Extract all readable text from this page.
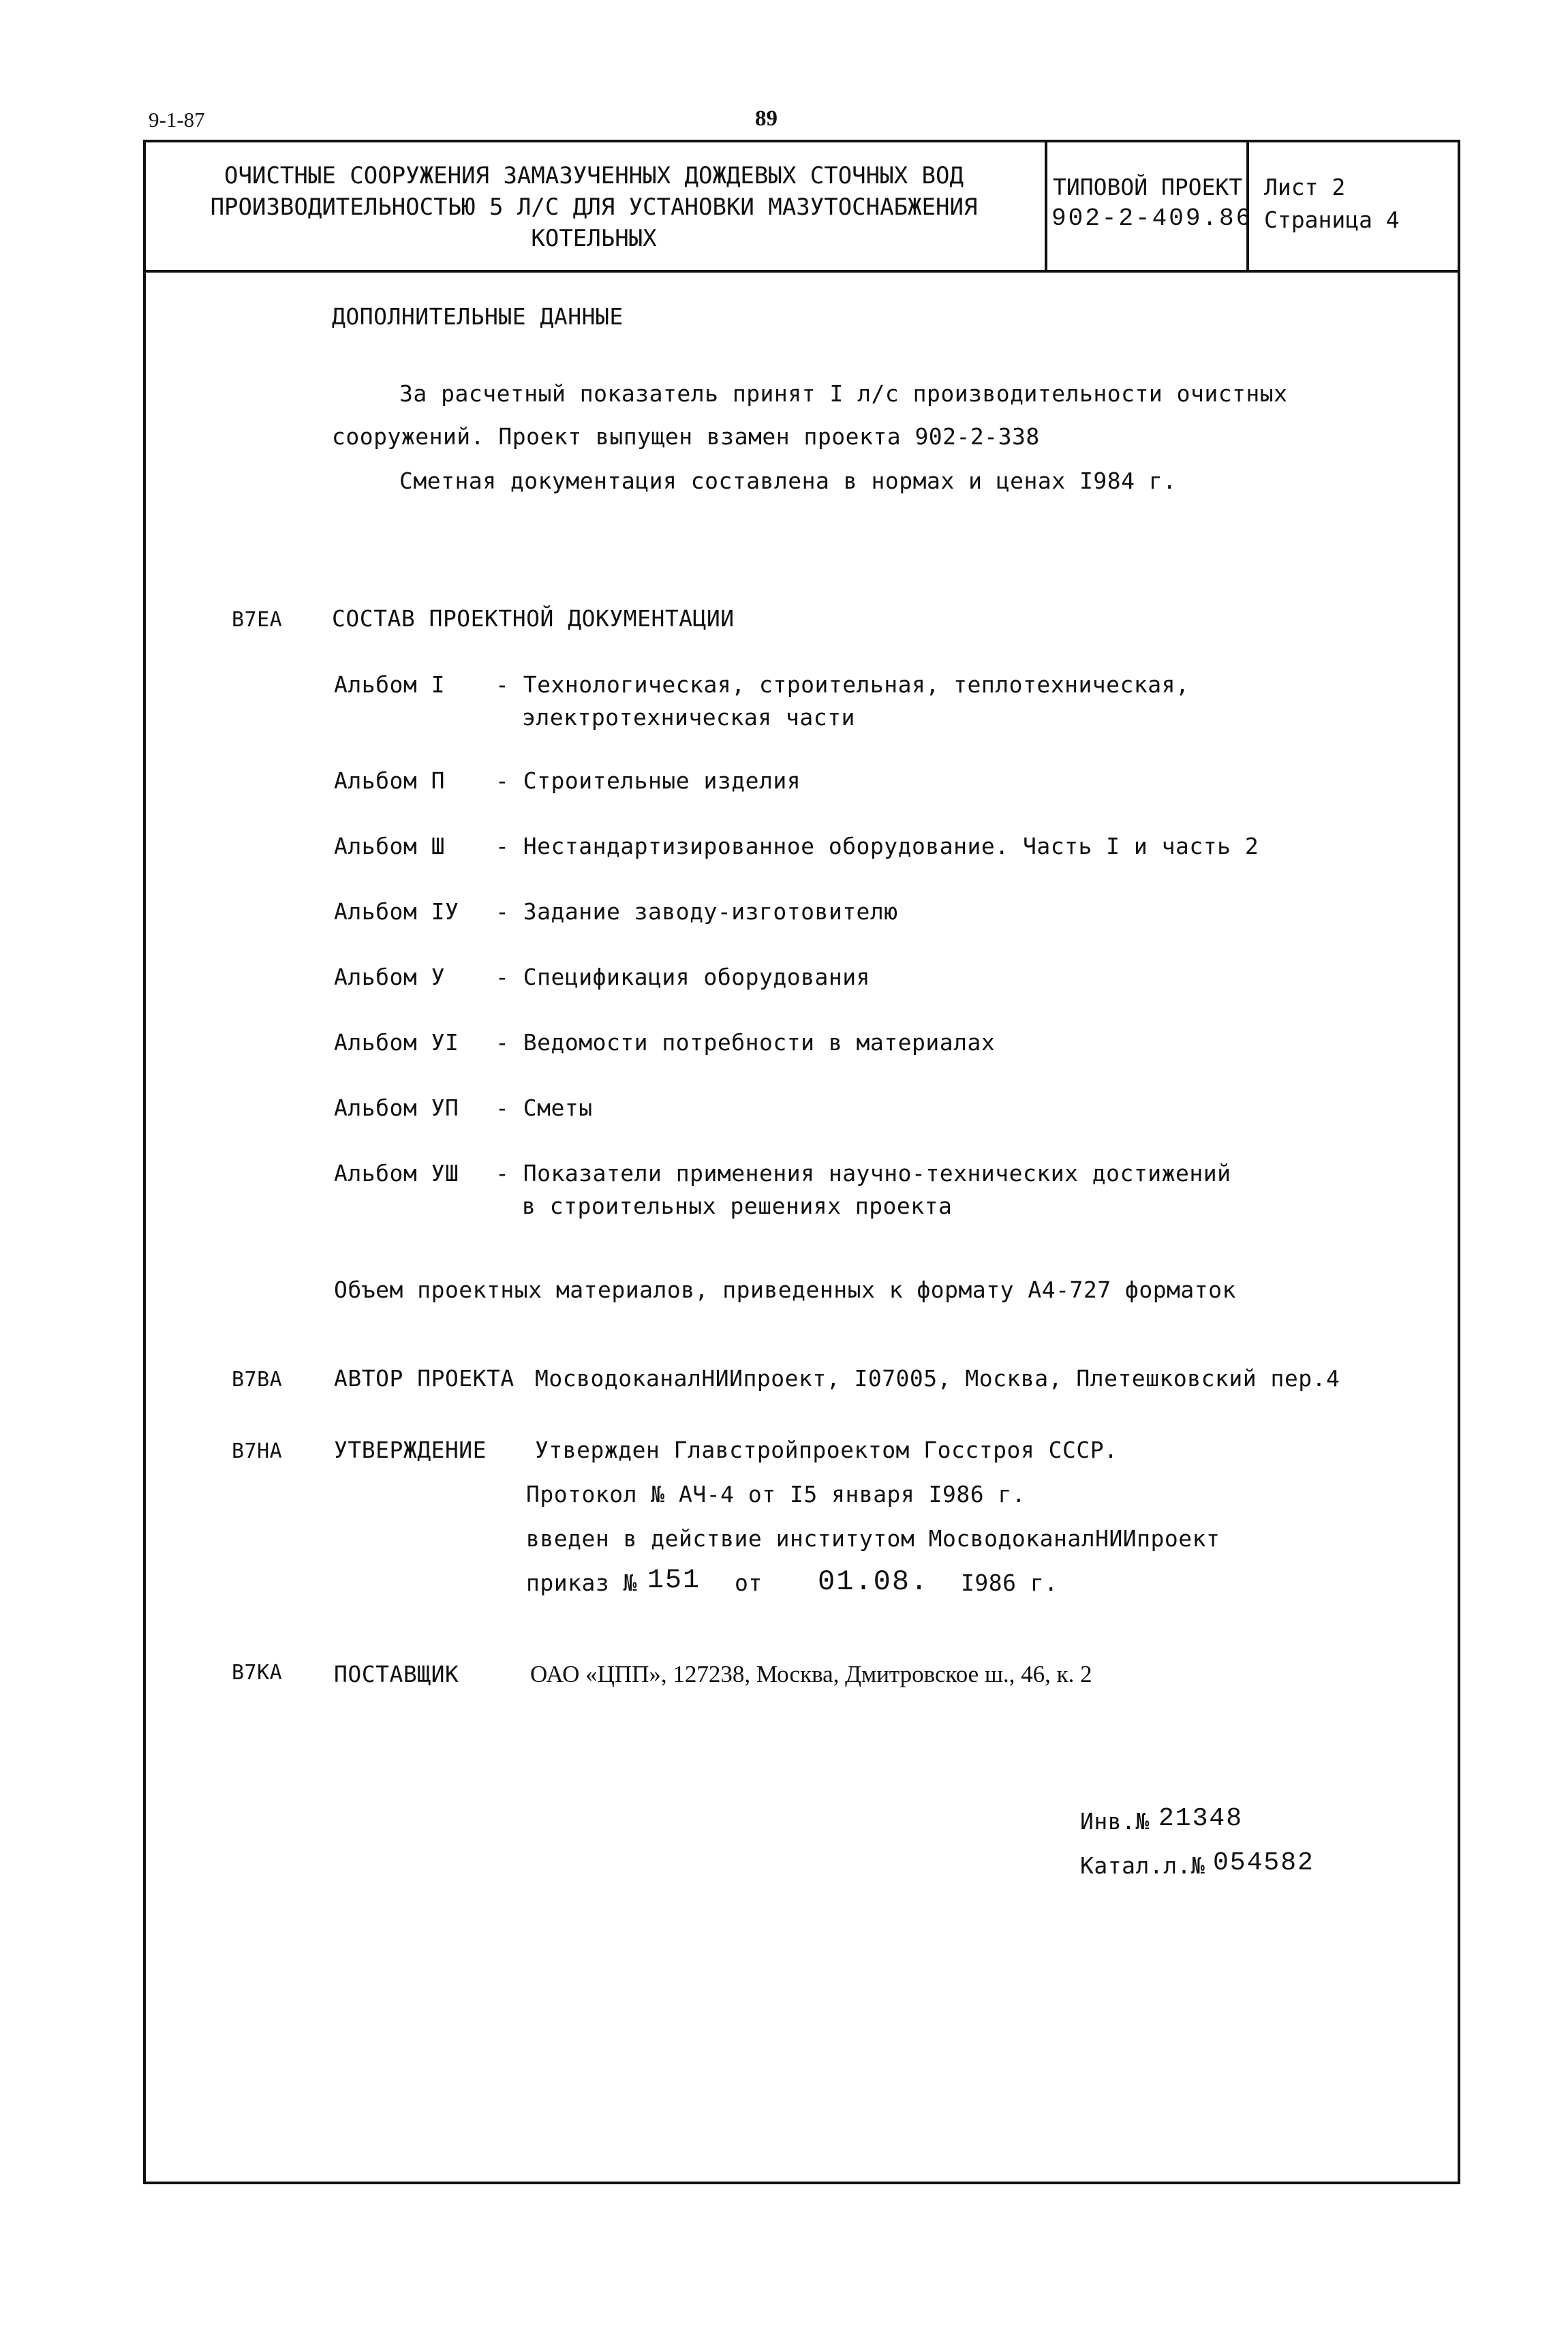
9-1-87	89
ОЧИСТНЫЕ СООРУЖЕНИЯ ЗАМАЗУЧЕННЫХ ДОЖДЕВЫХ СТОЧНЫХ ВОД
ПРОИЗВОДИТЕЛЬНОСТЬЮ 5 Л/С ДЛЯ УСТАНОВКИ МАЗУТОСНАБЖЕНИЯ
КОТЕЛЬНЫХ
ТИПОВОЙ ПРОЕКТ
902-2-409.86
Лист 2
Страница 4
ДОПОЛНИТЕЛЬНЫЕ ДАННЫЕ
За расчетный показатель принят I л/с производительности очистных
сооружений. Проект выпущен взамен проекта 902-2-338
Сметная документация составлена в нормах и ценах I984 г.
В7ЕА СОСТАВ ПРОЕКТНОЙ ДОКУМЕНТАЦИИ
Альбом I - Технологическая, строительная, теплотехническая,
электротехническая части
Альбом П - Строительные изделия
Альбом Ш - Нестандартизированное оборудование. Часть I и часть 2
Альбом IУ - Задание заводу-изготовителю
Альбом У - Спецификация оборудования
Альбом УI - Ведомости потребности в материалах
Альбом УП - Сметы
Альбом УШ - Показатели применения научно-технических достижений
в строительных решениях проекта
Объем проектных материалов, приведенных к формату А4-727 форматок
В7ВА АВТОР ПРОЕКТА МосводоканалНИИпроект, I07005, Москва, Плетешковский пер.4
В7НА УТВЕРЖДЕНИЕ Утвержден Главстройпроектом Госстроя СССР.
Протокол № АЧ-4 от I5 января I986 г.
введен в действие институтом МосводоканалНИИпроект
приказ № 151 от 01.08. I986 г.
В7КА ПОСТАВЩИК	ОАО «ЦПП», 127238, Москва, Дмитровское ш., 46, к. 2
Инв.№ 21348
Катал.л.№ 054582
